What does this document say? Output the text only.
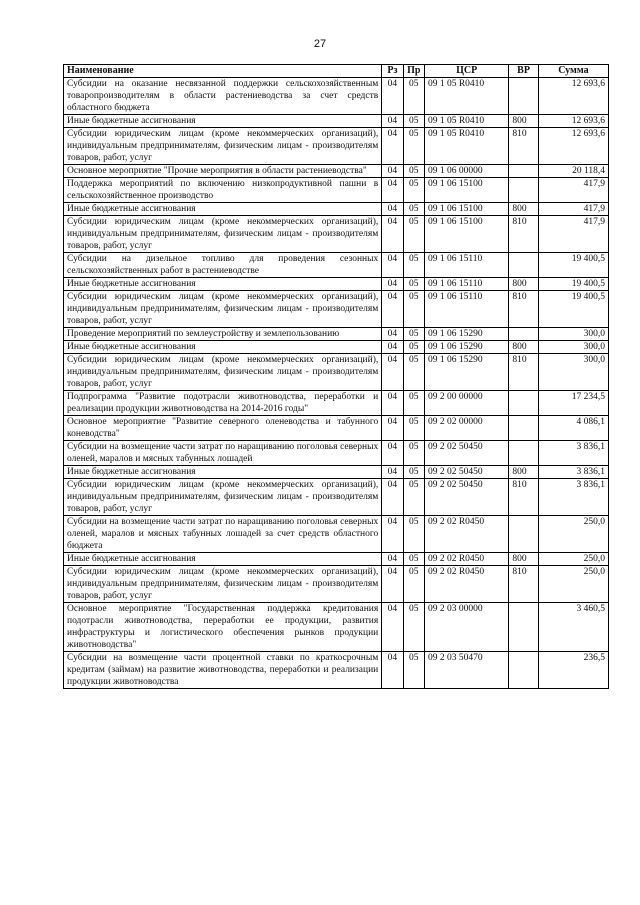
27
Наименование	Рз	Пр	ЦСР	ВР	Сумма
Субсидии на оказание несвязанной поддержки сельскохозяйственным товаропроизводителям в области растениеводства за счет средств областного бюджета	04	05	09 1 05 R0410		12 693,6
Иные бюджетные ассигнования	04	05	09 1 05 R0410	800	12 693,6
Субсидии юридическим лицам (кроме некоммерческих организаций), индивидуальным предпринимателям, физическим лицам - производителям товаров, работ, услуг	04	05	09 1 05 R0410	810	12 693,6
Основное мероприятие "Прочие мероприятия в области растениеводства"	04	05	09 1 06 00000		20 118,4
Поддержка мероприятий по включению низкопродуктивной пашни в сельскохозяйственное производство	04	05	09 1 06 15100		417,9
Иные бюджетные ассигнования	04	05	09 1 06 15100	800	417,9
Субсидии юридическим лицам (кроме некоммерческих организаций), индивидуальным предпринимателям, физическим лицам - производителям товаров, работ, услуг	04	05	09 1 06 15100	810	417,9
Субсидии на дизельное топливо для проведения сезонных сельскохозяйственных работ в растениеводстве	04	05	09 1 06 15110		19 400,5
Иные бюджетные ассигнования	04	05	09 1 06 15110	800	19 400,5
Субсидии юридическим лицам (кроме некоммерческих организаций), индивидуальным предпринимателям, физическим лицам - производителям товаров, работ, услуг	04	05	09 1 06 15110	810	19 400,5
Проведение мероприятий по землеустройству и землепользованию	04	05	09 1 06 15290		300,0
Иные бюджетные ассигнования	04	05	09 1 06 15290	800	300,0
Субсидии юридическим лицам (кроме некоммерческих организаций), индивидуальным предпринимателям, физическим лицам - производителям товаров, работ, услуг	04	05	09 1 06 15290	810	300,0
Подпрограмма "Развитие подотрасли животноводства, переработки и реализации продукции животноводства на 2014-2016 годы"	04	05	09 2 00 00000		17 234,5
Основное мероприятие "Развитие северного оленеводства и табунного коневодства"	04	05	09 2 02 00000		4 086,1
Субсидии на возмещение части затрат по наращиванию поголовья северных оленей, маралов и мясных табунных лошадей	04	05	09 2 02 50450		3 836,1
Иные бюджетные ассигнования	04	05	09 2 02 50450	800	3 836,1
Субсидии юридическим лицам (кроме некоммерческих организаций), индивидуальным предпринимателям, физическим лицам - производителям товаров, работ, услуг	04	05	09 2 02 50450	810	3 836,1
Субсидии на возмещение части затрат по наращиванию поголовья северных оленей, маралов и мясных табунных лошадей за счет средств областного бюджета	04	05	09 2 02 R0450		250,0
Иные бюджетные ассигнования	04	05	09 2 02 R0450	800	250,0
Субсидии юридическим лицам (кроме некоммерческих организаций), индивидуальным предпринимателям, физическим лицам - производителям товаров, работ, услуг	04	05	09 2 02 R0450	810	250,0
Основное мероприятие "Государственная поддержка кредитования подотрасли животноводства, переработки ее продукции, развития инфраструктуры и логистического обеспечения рынков продукции животноводства"	04	05	09 2 03 00000		3 460,5
Субсидии на возмещение части процентной ставки по краткосрочным кредитам (займам) на развитие животноводства, переработки и реализации продукции животноводства	04	05	09 2 03 50470		236,5
